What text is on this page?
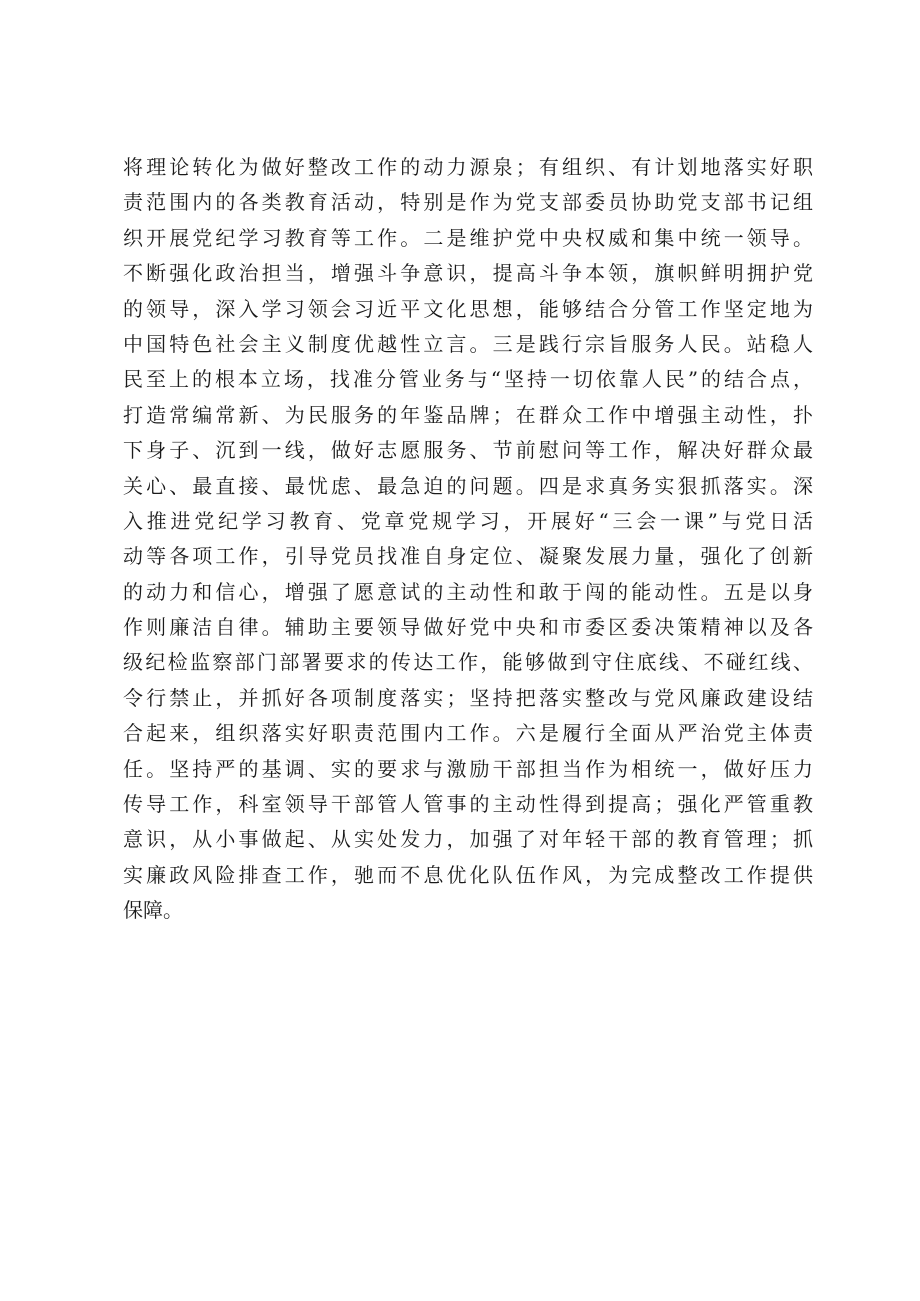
将理论转化为做好整改工作的动力源泉；有组织、有计划地落实好职
责范围内的各类教育活动，特别是作为党支部委员协助党支部书记组
织开展党纪学习教育等工作。二是维护党中央权威和集中统一领导。
不断强化政治担当，增强斗争意识，提高斗争本领，旗帜鲜明拥护党
的领导，深入学习领会习近平文化思想，能够结合分管工作坚定地为
中国特色社会主义制度优越性立言。三是践行宗旨服务人民。站稳人
民至上的根本立场，找准分管业务与“坚持一切依靠人民”的结合点，
打造常编常新、为民服务的年鉴品牌；在群众工作中增强主动性，扑
下身子、沉到一线，做好志愿服务、节前慰问等工作，解决好群众最
关心、最直接、最忧虑、最急迫的问题。四是求真务实狠抓落实。深
入推进党纪学习教育、党章党规学习，开展好“三会一课”与党日活
动等各项工作，引导党员找准自身定位、凝聚发展力量，强化了创新
的动力和信心，增强了愿意试的主动性和敢于闯的能动性。五是以身
作则廉洁自律。辅助主要领导做好党中央和市委区委决策精神以及各
级纪检监察部门部署要求的传达工作，能够做到守住底线、不碰红线、
令行禁止，并抓好各项制度落实；坚持把落实整改与党风廉政建设结
合起来，组织落实好职责范围内工作。六是履行全面从严治党主体责
任。坚持严的基调、实的要求与激励干部担当作为相统一，做好压力
传导工作，科室领导干部管人管事的主动性得到提高；强化严管重教
意识，从小事做起、从实处发力，加强了对年轻干部的教育管理；抓
实廉政风险排查工作，驰而不息优化队伍作风，为完成整改工作提供
保障。
